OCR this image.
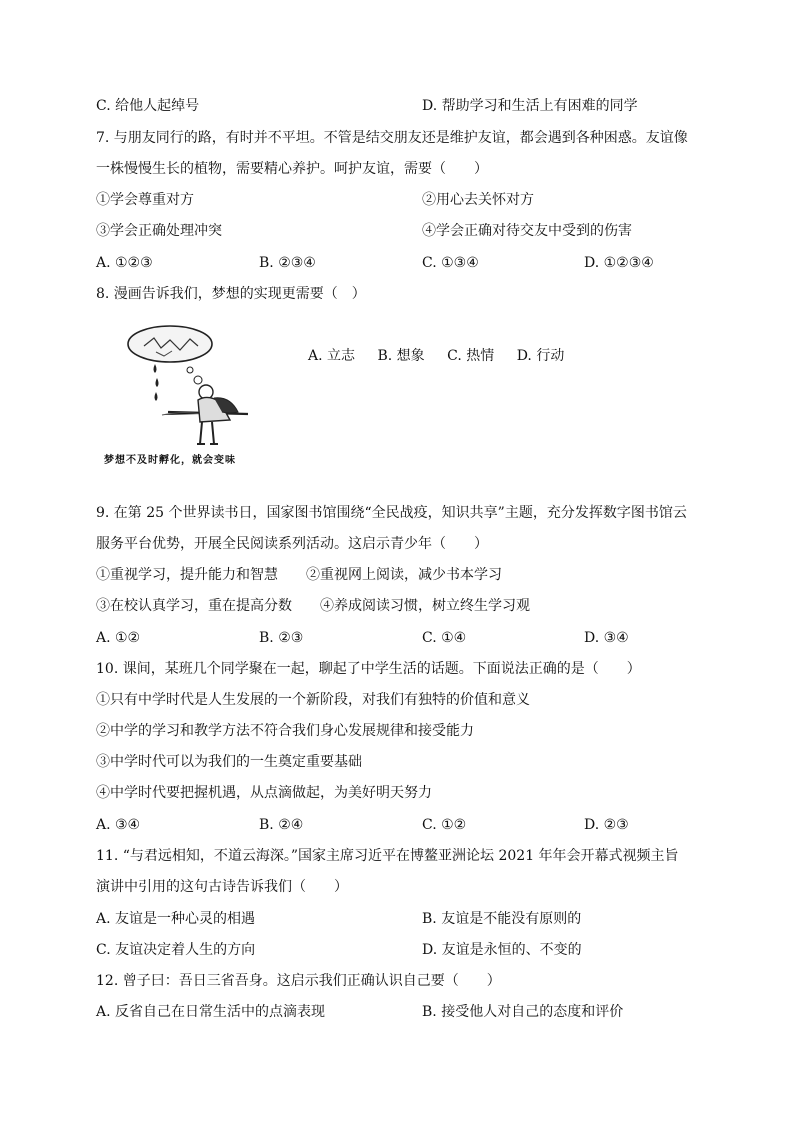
C. 给他人起绰号	D. 帮助学习和生活上有困难的同学
7. 与朋友同行的路，有时并不平坦。不管是结交朋友还是维护友谊，都会遇到各种困惑。友谊像
一株慢慢生长的植物，需要精心养护。呵护友谊，需要（　　）
①学会尊重对方	②用心去关怀对方
③学会正确处理冲突	④学会正确对待交友中受到的伤害
A. ①②③	B. ②③④	C. ①③④	D. ①②③④
8. 漫画告诉我们，梦想的实现更需要（　）
梦想不及时孵化，就会变味
A. 立志 B. 想象 C. 热情 D. 行动
9. 在第 25 个世界读书日，国家图书馆围绕“全民战疫，知识共享”主题，充分发挥数字图书馆云
服务平台优势，开展全民阅读系列活动。这启示青少年（　　）
①重视学习，提升能力和智慧　　②重视网上阅读，减少书本学习
③在校认真学习，重在提高分数　　④养成阅读习惯，树立终生学习观
A. ①②	B. ②③	C. ①④	D. ③④
10. 课间，某班几个同学聚在一起，聊起了中学生活的话题。下面说法正确的是（　　）
①只有中学时代是人生发展的一个新阶段，对我们有独特的价值和意义
②中学的学习和教学方法不符合我们身心发展规律和接受能力
③中学时代可以为我们的一生奠定重要基础
④中学时代要把握机遇，从点滴做起，为美好明天努力
A. ③④	B. ②④	C. ①②	D. ②③
11. “与君远相知，不道云海深。”国家主席习近平在博鳌亚洲论坛 2021 年年会开幕式视频主旨
演讲中引用的这句古诗告诉我们（　　）
A. 友谊是一种心灵的相遇	B. 友谊是不能没有原则的
C. 友谊决定着人生的方向	D. 友谊是永恒的、不变的
12. 曾子曰：吾日三省吾身。这启示我们正确认识自己要（　　）
A. 反省自己在日常生活中的点滴表现	B. 接受他人对自己的态度和评价
